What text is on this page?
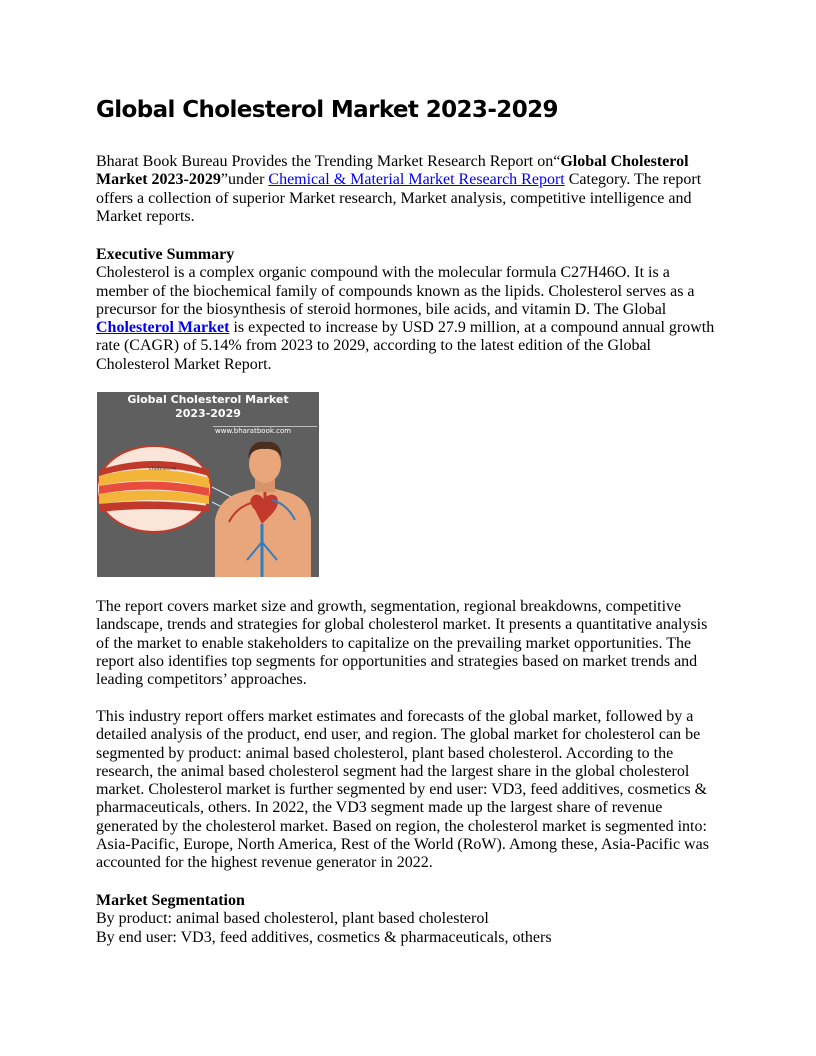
Global Cholesterol Market 2023-2029

Bharat Book Bureau Provides the Trending Market Research Report on“Global Cholesterol Market 2023-2029”under Chemical & Material Market Research Report Category. The report offers a collection of superior Market research, Market analysis, competitive intelligence and Market reports.

Executive Summary
Cholesterol is a complex organic compound with the molecular formula C27H46O. It is a member of the biochemical family of compounds known as the lipids. Cholesterol serves as a precursor for the biosynthesis of steroid hormones, bile acids, and vitamin D. The Global Cholesterol Market is expected to increase by USD 27.9 million, at a compound annual growth rate (CAGR) of 5.14% from 2023 to 2029, according to the latest edition of the Global Cholesterol Market Report.

Global Cholesterol Market
2023-2029
www.bharatbook.com
cholesterol

The report covers market size and growth, segmentation, regional breakdowns, competitive landscape, trends and strategies for global cholesterol market. It presents a quantitative analysis of the market to enable stakeholders to capitalize on the prevailing market opportunities. The report also identifies top segments for opportunities and strategies based on market trends and leading competitors’ approaches.

This industry report offers market estimates and forecasts of the global market, followed by a detailed analysis of the product, end user, and region. The global market for cholesterol can be segmented by product: animal based cholesterol, plant based cholesterol. According to the research, the animal based cholesterol segment had the largest share in the global cholesterol market. Cholesterol market is further segmented by end user: VD3, feed additives, cosmetics & pharmaceuticals, others. In 2022, the VD3 segment made up the largest share of revenue generated by the cholesterol market. Based on region, the cholesterol market is segmented into: Asia-Pacific, Europe, North America, Rest of the World (RoW). Among these, Asia-Pacific was accounted for the highest revenue generator in 2022.

Market Segmentation
By product: animal based cholesterol, plant based cholesterol
By end user: VD3, feed additives, cosmetics & pharmaceuticals, others
